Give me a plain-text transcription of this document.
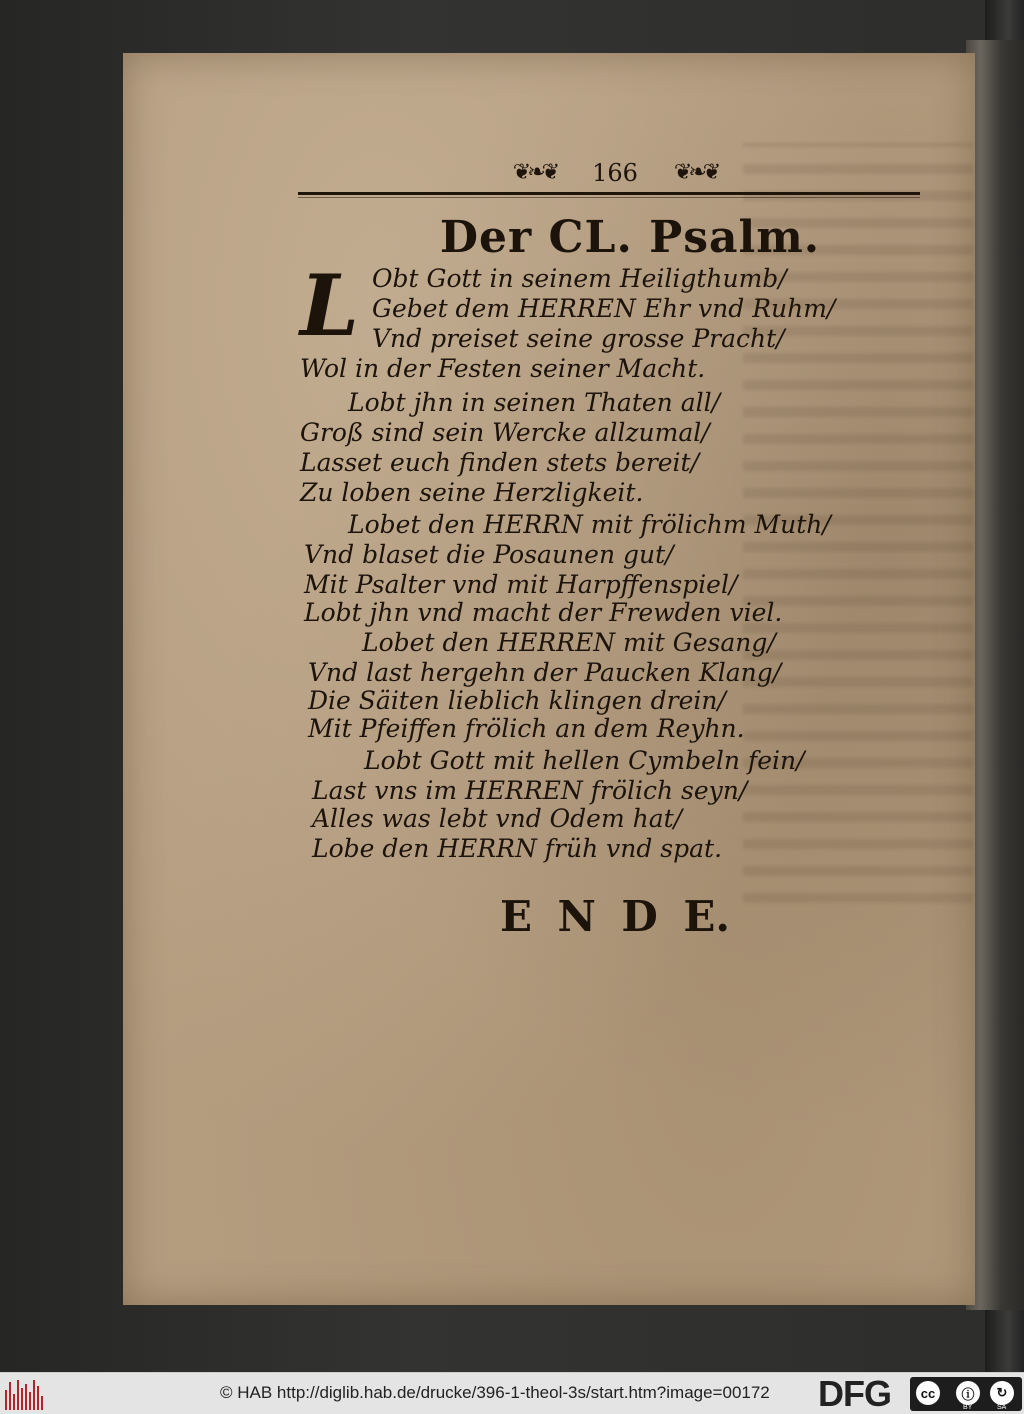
❦❧❦ 166 ❦❧❦
Der CL. Psalm.
L Obt Gott in seinem Heiligthumb/
Gebet dem HERREN Ehr vnd Ruhm/
Vnd preiset seine grosse Pracht/
Wol in der Festen seiner Macht.
Lobt jhn in seinen Thaten all/
Groß sind sein Wercke allzumal/
Lasset euch finden stets bereit/
Zu loben seine Herzligkeit.
Lobet den HERRN mit frölichm Muth/
Vnd blaset die Posaunen gut/
Mit Psalter vnd mit Harpffenspiel/
Lobt jhn vnd macht der Frewden viel.
Lobet den HERREN mit Gesang/
Vnd last hergehn der Paucken Klang/
Die Säiten lieblich klingen drein/
Mit Pfeiffen frölich an dem Reyhn.
Lobt Gott mit hellen Cymbeln fein/
Last vns im HERREN frölich seyn/
Alles was lebt vnd Odem hat/
Lobe den HERRN früh vnd spat.
E N D E.
© HAB http://diglib.hab.de/drucke/396-1-theol-3s/start.htm?image=00172 DFG	cc	ⓘ	↻
BY	SA
